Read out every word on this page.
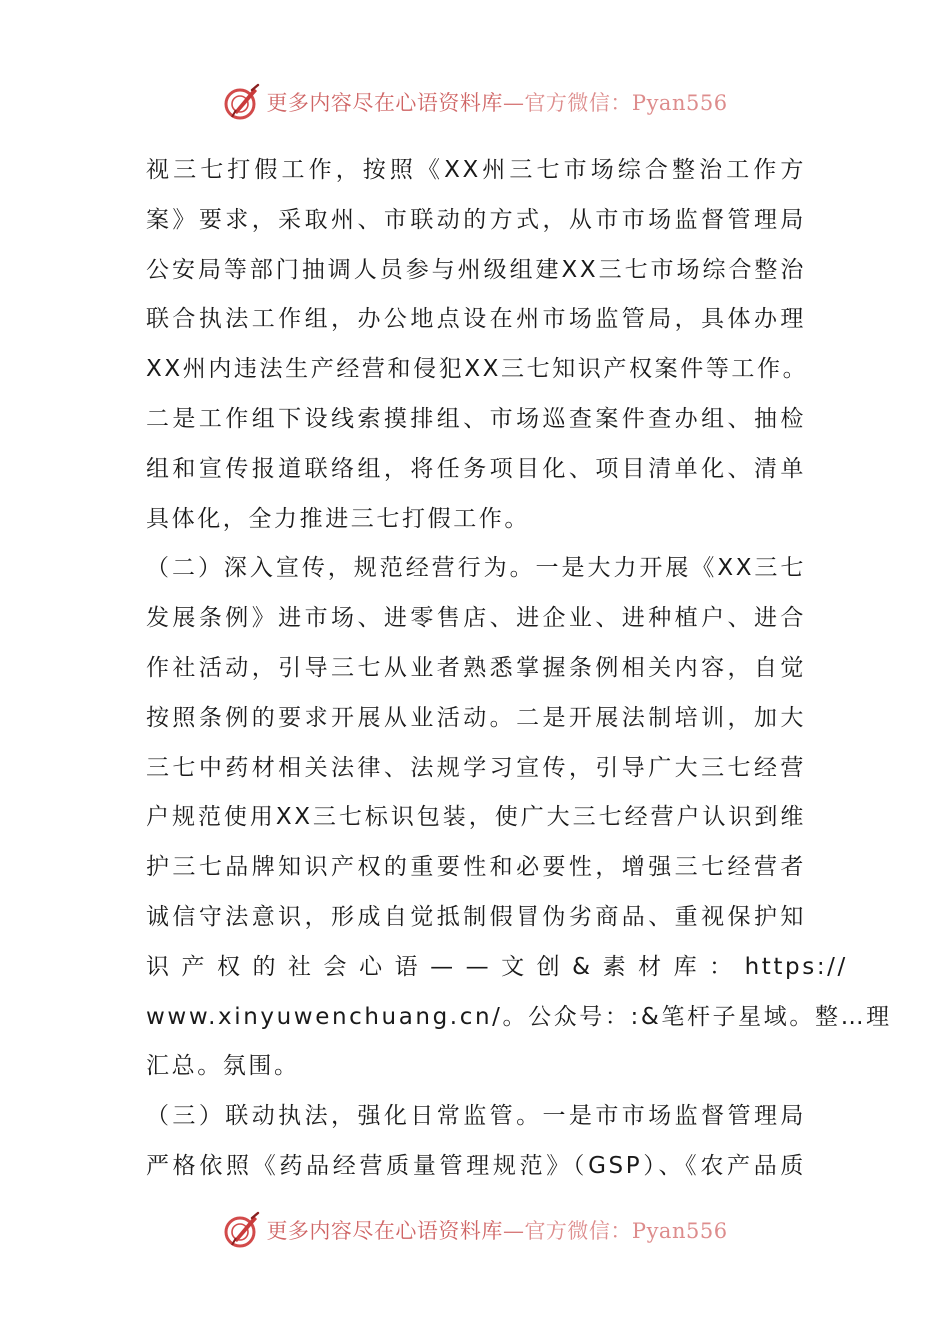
更多内容尽在心语资料库—官方微信：Pyan556
视三七打假工作，按照《XX州三七市场综合整治工作方
案》要求，采取州、市联动的方式，从市市场监督管理局
公安局等部门抽调人员参与州级组建XX三七市场综合整治
联合执法工作组，办公地点设在州市场监管局，具体办理
XX州内违法生产经营和侵犯XX三七知识产权案件等工作。
二是工作组下设线索摸排组、市场巡查案件查办组、抽检
组和宣传报道联络组，将任务项目化、项目清单化、清单
具体化，全力推进三七打假工作。
（二）深入宣传，规范经营行为。一是大力开展《XX三七
发展条例》进市场、进零售店、进企业、进种植户、进合
作社活动，引导三七从业者熟悉掌握条例相关内容，自觉
按照条例的要求开展从业活动。二是开展法制培训，加大
三七中药材相关法律、法规学习宣传，引导广大三七经营
户规范使用XX三七标识包装，使广大三七经营户认识到维
护三七品牌知识产权的重要性和必要性，增强三七经营者
诚信守法意识，形成自觉抵制假冒伪劣商品、重视保护知
识 产 权 的 社 会 心 语 — — 文 创 & 素 材 库 ： https://
www.xinyuwenchuang.cn/。公众号：:&笔杆子星域。整…理
汇总。氛围。
（三）联动执法，强化日常监管。一是市市场监督管理局
严格依照《药品经营质量管理规范》（GSP）、《农产品质
更多内容尽在心语资料库—官方微信：Pyan556
